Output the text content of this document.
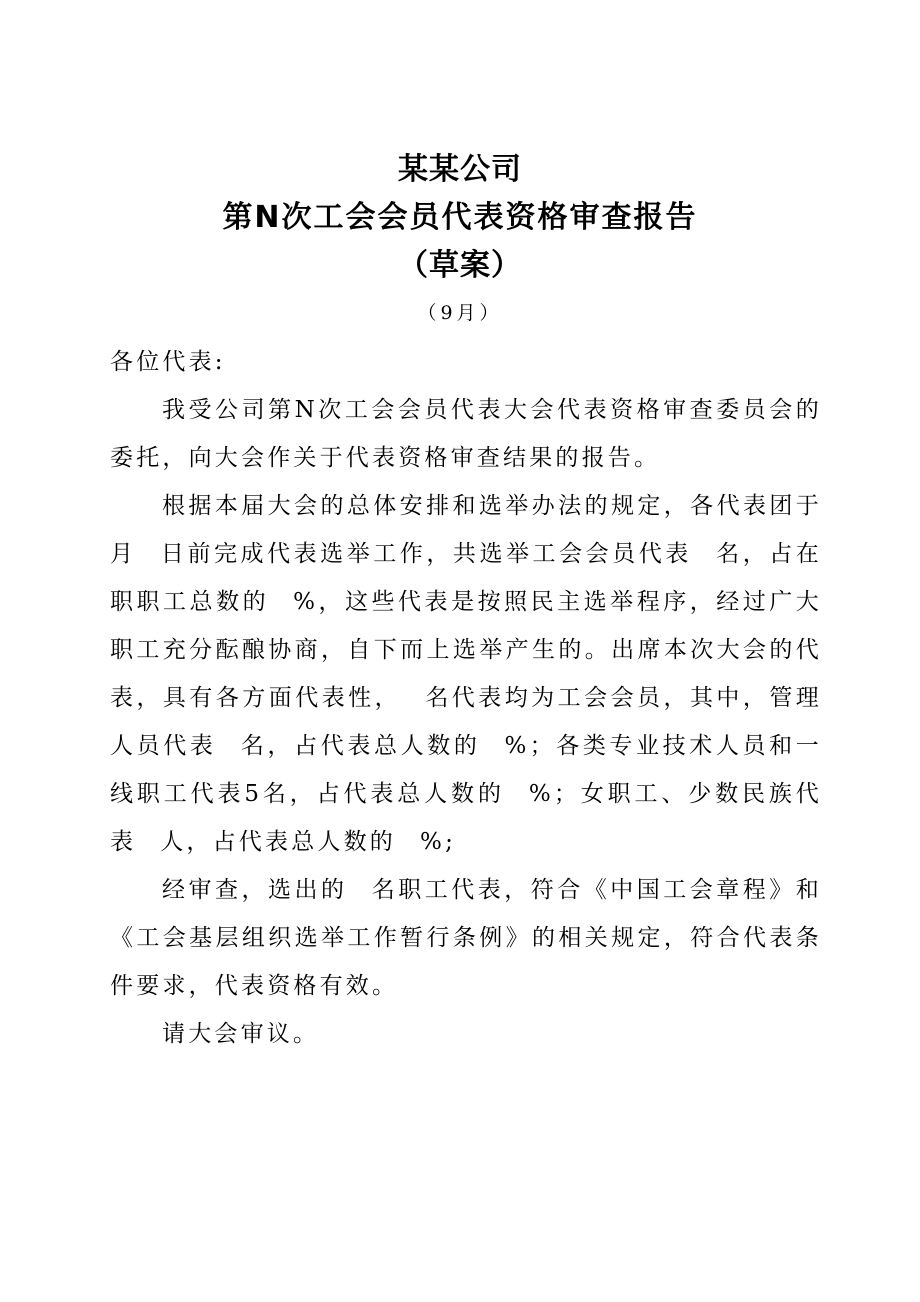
某某公司
第N次工会会员代表资格审查报告
（草案）
（9月）

各位代表:

我受公司第N次工会会员代表大会代表资格审查委员会的委托，向大会作关于代表资格审查结果的报告。

根据本届大会的总体安排和选举办法的规定，各代表团于月 日前完成代表选举工作，共选举工会会员代表 名，占在职职工总数的 %，这些代表是按照民主选举程序，经过广大职工充分酝酿协商，自下而上选举产生的。出席本次大会的代表，具有各方面代表性， 名代表均为工会会员，其中，管理人员代表 名，占代表总人数的 %；各类专业技术人员和一线职工代表5名，占代表总人数的 %；女职工、少数民族代表 人，占代表总人数的 %;

经审查，选出的 名职工代表，符合《中国工会章程》和《工会基层组织选举工作暂行条例》的相关规定，符合代表条件要求，代表资格有效。

请大会审议。
